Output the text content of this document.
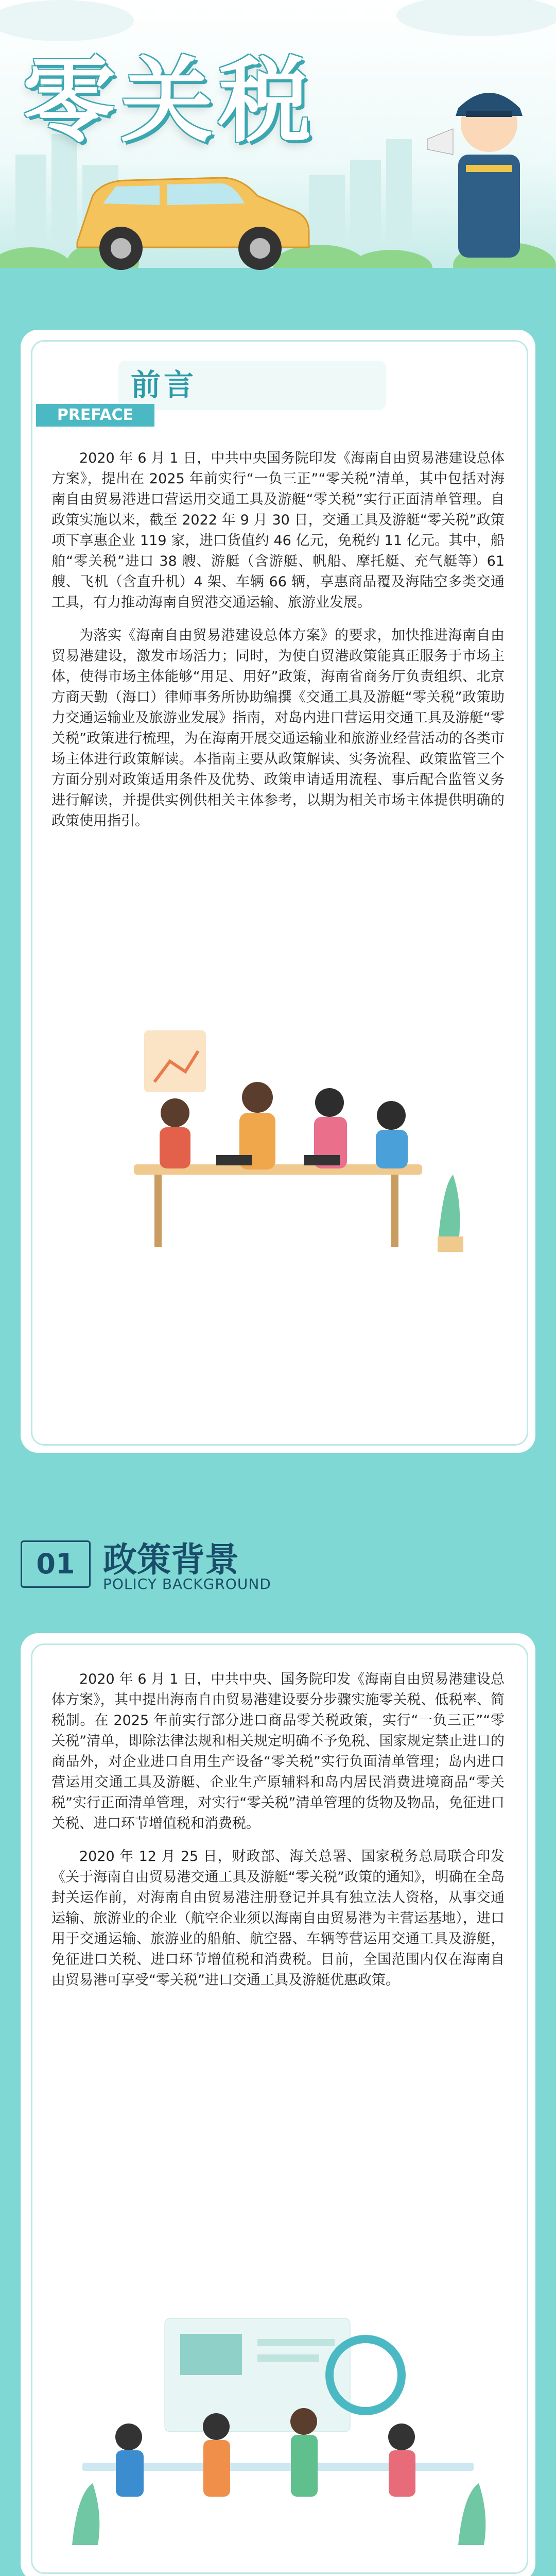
零关税
前言
PREFACE

2020 年 6 月 1 日，中共中央国务院印发《海南自由贸易港建设总体方案》，提出在 2025 年前实行“一负三正”“零关税”清单，其中包括对海南自由贸易港进口营运用交通工具及游艇“零关税”实行正面清单管理。自政策实施以来，截至 2022 年 9 月 30 日，交通工具及游艇“零关税”政策项下享惠企业 119 家，进口货值约 46 亿元，免税约 11 亿元。其中，船舶“零关税”进口 38 艘、游艇（含游艇、帆船、摩托艇、充气艇等）61 艘、飞机（含直升机）4 架、车辆 66 辆，享惠商品覆及海陆空多类交通工具，有力推动海南自贸港交通运输、旅游业发展。

为落实《海南自由贸易港建设总体方案》的要求，加快推进海南自由贸易港建设，激发市场活力；同时，为使自贸港政策能真正服务于市场主体，使得市场主体能够“用足、用好”政策，海南省商务厅负责组织、北京方商天勤（海口）律师事务所协助编撰《交通工具及游艇“零关税”政策助力交通运输业及旅游业发展》指南，对岛内进口营运用交通工具及游艇“零关税”政策进行梳理，为在海南开展交通运输业和旅游业经营活动的各类市场主体进行政策解读。本指南主要从政策解读、实务流程、政策监管三个方面分别对政策适用条件及优势、政策申请适用流程、事后配合监管义务进行解读，并提供实例供相关主体参考，以期为相关市场主体提供明确的政策使用指引。

01 政策背景
POLICY BACKGROUND

2020 年 6 月 1 日，中共中央、国务院印发《海南自由贸易港建设总体方案》，其中提出海南自由贸易港建设要分步骤实施零关税、低税率、简税制。在 2025 年前实行部分进口商品零关税政策，实行“一负三正”“零关税”清单，即除法律法规和相关规定明确不予免税、国家规定禁止进口的商品外，对企业进口自用生产设备“零关税”实行负面清单管理；岛内进口营运用交通工具及游艇、企业生产原辅料和岛内居民消费进境商品“零关税”实行正面清单管理，对实行“零关税”清单管理的货物及物品，免征进口关税、进口环节增值税和消费税。

2020 年 12 月 25 日，财政部、海关总署、国家税务总局联合印发《关于海南自由贸易港交通工具及游艇“零关税”政策的通知》，明确在全岛封关运作前，对海南自由贸易港注册登记并具有独立法人资格，从事交通运输、旅游业的企业（航空企业须以海南自由贸易港为主营运基地），进口用于交通运输、旅游业的船舶、航空器、车辆等营运用交通工具及游艇，免征进口关税、进口环节增值税和消费税。目前，全国范围内仅在海南自由贸易港可享受“零关税”进口交通工具及游艇优惠政策。
